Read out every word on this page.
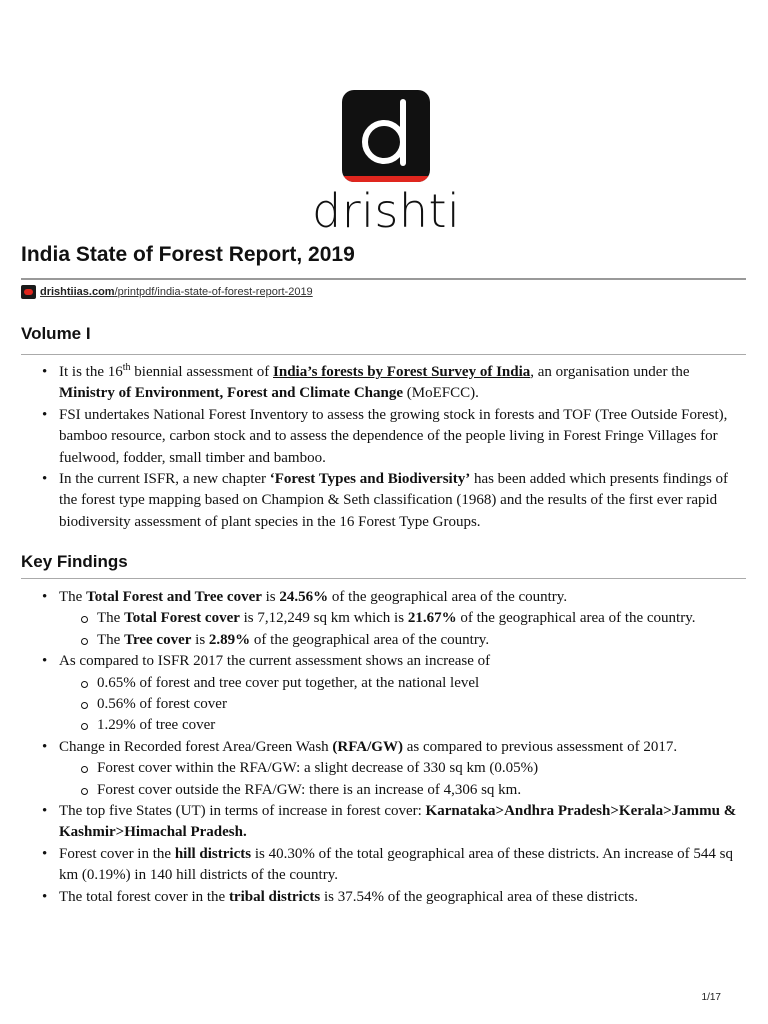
drishti
India State of Forest Report, 2019
drishtiias.com/printpdf/india-state-of-forest-report-2019
Volume I
• It is the 16th biennial assessment of India’s forests by Forest Survey of India, an organisation under the Ministry of Environment, Forest and Climate Change (MoEFCC).
• FSI undertakes National Forest Inventory to assess the growing stock in forests and TOF (Tree Outside Forest), bamboo resource, carbon stock and to assess the dependence of the people living in Forest Fringe Villages for fuelwood, fodder, small timber and bamboo.
• In the current ISFR, a new chapter ‘Forest Types and Biodiversity’ has been added which presents findings of the forest type mapping based on Champion & Seth classification (1968) and the results of the first ever rapid biodiversity assessment of plant species in the 16 Forest Type Groups.
Key Findings
• The Total Forest and Tree cover is 24.56% of the geographical area of the country.
The Total Forest cover is 7,12,249 sq km which is 21.67% of the geographical area of the country.
The Tree cover is 2.89% of the geographical area of the country.
• As compared to ISFR 2017 the current assessment shows an increase of
0.65% of forest and tree cover put together, at the national level
0.56% of forest cover
1.29% of tree cover
• Change in Recorded forest Area/Green Wash (RFA/GW) as compared to previous assessment of 2017.
Forest cover within the RFA/GW: a slight decrease of 330 sq km (0.05%)
Forest cover outside the RFA/GW: there is an increase of 4,306 sq km.
• The top five States (UT) in terms of increase in forest cover: Karnataka>Andhra Pradesh>Kerala>Jammu & Kashmir>Himachal Pradesh.
• Forest cover in the hill districts is 40.30% of the total geographical area of these districts. An increase of 544 sq km (0.19%) in 140 hill districts of the country.
• The total forest cover in the tribal districts is 37.54% of the geographical area of these districts.
1/17
